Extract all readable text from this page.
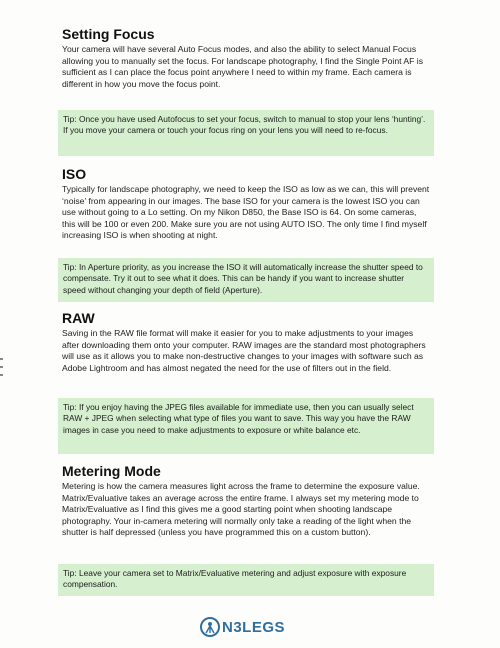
Setting Focus

Your camera will have several Auto Focus modes, and also the ability to select Manual Focus allowing you to manually set the focus. For landscape photography, I find the Single Point AF is sufficient as I can place the focus point anywhere I need to within my frame. Each camera is different in how you move the focus point.

Tip: Once you have used Autofocus to set your focus, switch to manual to stop your lens ‘hunting’. If you move your camera or touch your focus ring on your lens you will need to re-focus.
ISO

Typically for landscape photography, we need to keep the ISO as low as we can, this will prevent ‘noise’ from appearing in our images. The base ISO for your camera is the lowest ISO you can use without going to a Lo setting. On my Nikon D850, the Base ISO is 64. On some cameras, this will be 100 or even 200. Make sure you are not using AUTO ISO. The only time I find myself increasing ISO is when shooting at night.

Tip: In Aperture priority, as you increase the ISO it will automatically increase the shutter speed to compensate. Try it out to see what it does. This can be handy if you want to increase shutter speed without changing your depth of field (Aperture).
RAW

Saving in the RAW file format will make it easier for you to make adjustments to your images after downloading them onto your computer. RAW images are the standard most photographers will use as it allows you to make non-destructive changes to your images with software such as Adobe Lightroom and has almost negated the need for the use of filters out in the field.

Tip: If you enjoy having the JPEG files available for immediate use, then you can usually select RAW + JPEG when selecting what type of files you want to save. This way you have the RAW images in case you need to make adjustments to exposure or white balance etc.
Metering Mode

Metering is how the camera measures light across the frame to determine the exposure value. Matrix/Evaluative takes an average across the entire frame. I always set my metering mode to Matrix/Evaluative as I find this gives me a good starting point when shooting landscape photography. Your in-camera metering will normally only take a reading of the light when the shutter is half depressed (unless you have programmed this on a custom button).

Tip: Leave your camera set to Matrix/Evaluative metering and adjust exposure with exposure compensation.
N3LEGS
